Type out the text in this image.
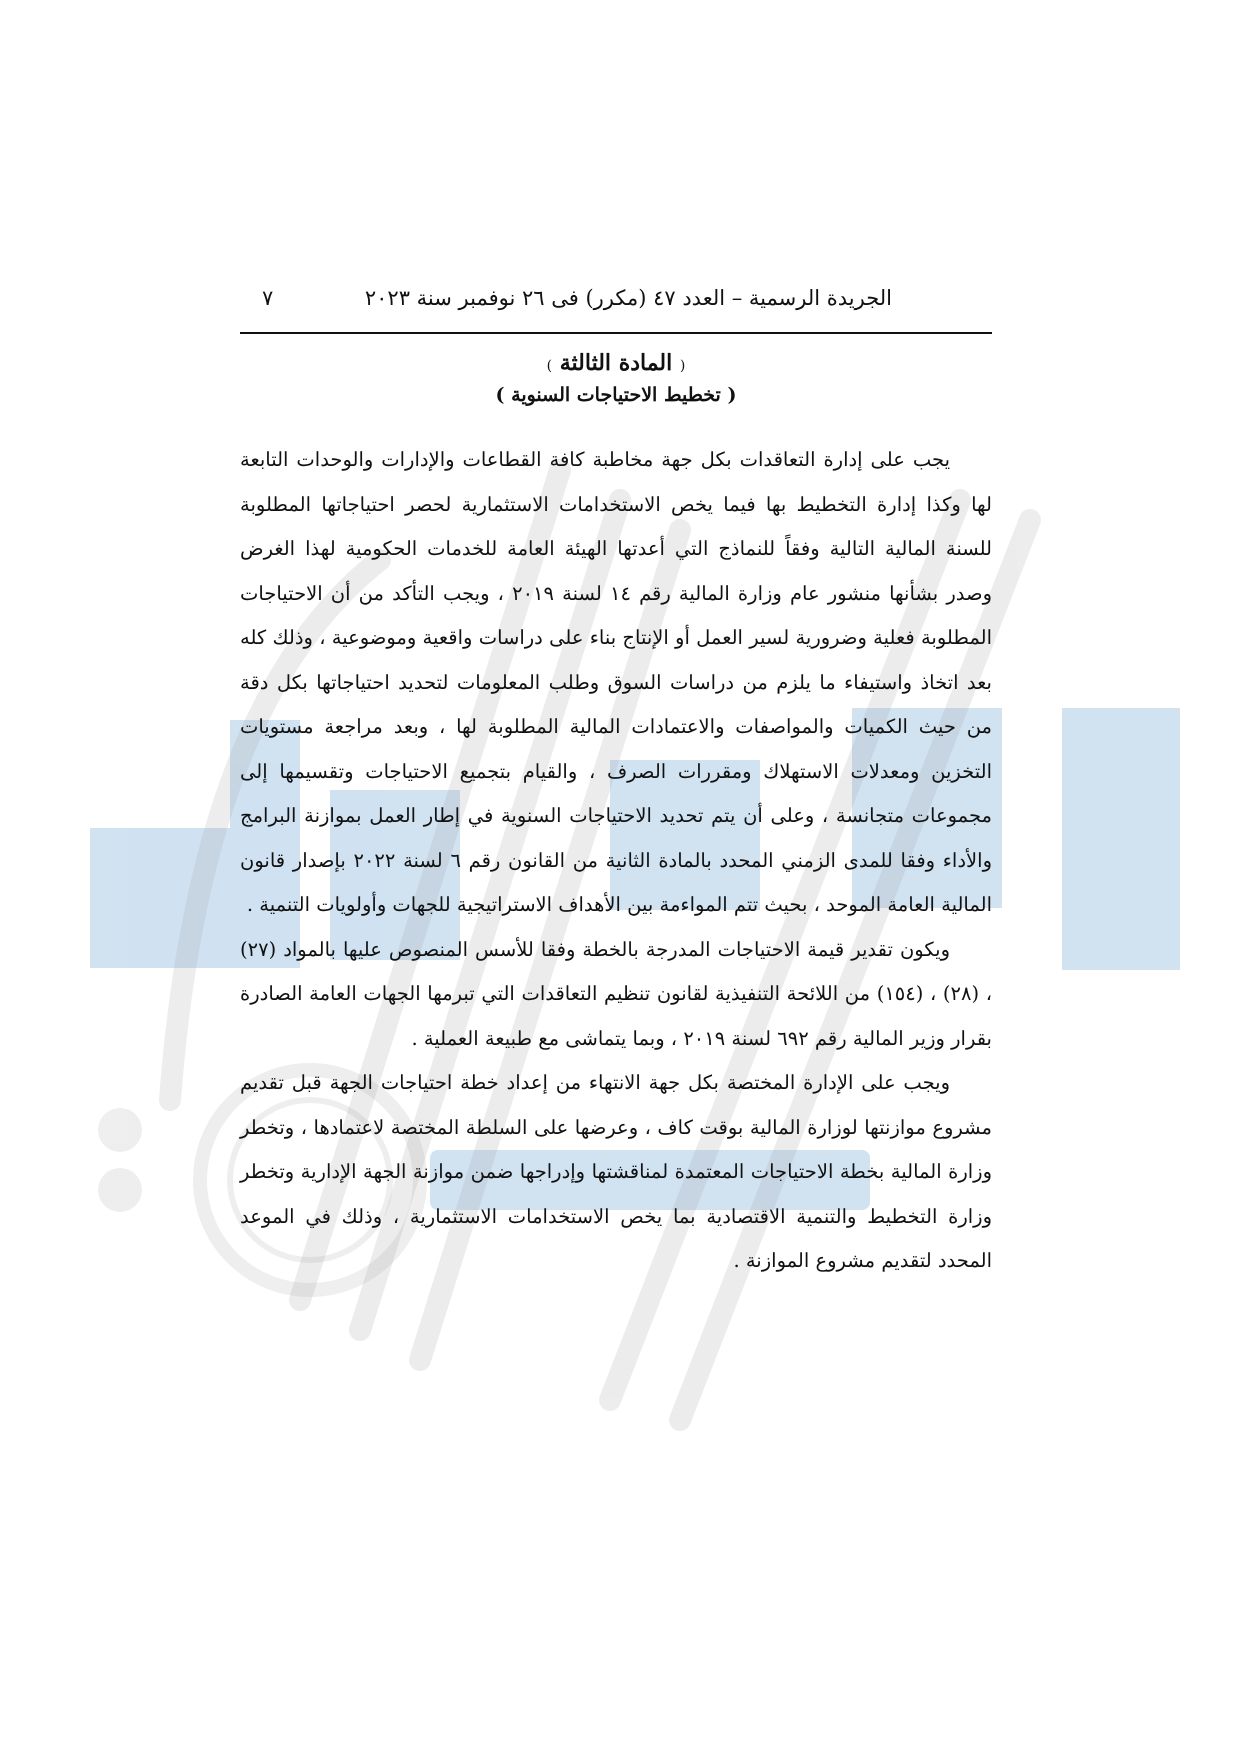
الجريدة الرسمية – العدد ٤٧ (مكرر) فى ٢٦ نوفمبر سنة ٢٠٢٣
٧
( المادة الثالثة )
( تخطيط الاحتياجات السنوية )

يجب على إدارة التعاقدات بكل جهة مخاطبة كافة القطاعات والإدارات والوحدات التابعة لها وكذا إدارة التخطيط بها فيما يخص الاستخدامات الاستثمارية لحصر احتياجاتها المطلوبة للسنة المالية التالية وفقاً للنماذج التي أعدتها الهيئة العامة للخدمات الحكومية لهذا الغرض وصدر بشأنها منشور عام وزارة المالية رقم ١٤ لسنة ٢٠١٩ ، ويجب التأكد من أن الاحتياجات المطلوبة فعلية وضرورية لسير العمل أو الإنتاج بناء على دراسات واقعية وموضوعية ، وذلك كله بعد اتخاذ واستيفاء ما يلزم من دراسات السوق وطلب المعلومات لتحديد احتياجاتها بكل دقة من حيث الكميات والمواصفات والاعتمادات المالية المطلوبة لها ، وبعد مراجعة مستويات التخزين ومعدلات الاستهلاك ومقررات الصرف ، والقيام بتجميع الاحتياجات وتقسيمها إلى مجموعات متجانسة ، وعلى أن يتم تحديد الاحتياجات السنوية في إطار العمل بموازنة البرامج والأداء وفقا للمدى الزمني المحدد بالمادة الثانية من القانون رقم ٦ لسنة ٢٠٢٢ بإصدار قانون المالية العامة الموحد ، بحيث تتم المواءمة بين الأهداف الاستراتيجية للجهات وأولويات التنمية .

ويكون تقدير قيمة الاحتياجات المدرجة بالخطة وفقا للأسس المنصوص عليها بالمواد (٢٧) ، (٢٨) ، (١٥٤) من اللائحة التنفيذية لقانون تنظيم التعاقدات التي تبرمها الجهات العامة الصادرة بقرار وزير المالية رقم ٦٩٢ لسنة ٢٠١٩ ، وبما يتماشى مع طبيعة العملية .

ويجب على الإدارة المختصة بكل جهة الانتهاء من إعداد خطة احتياجات الجهة قبل تقديم مشروع موازنتها لوزارة المالية بوقت كاف ، وعرضها على السلطة المختصة لاعتمادها ، وتخطر وزارة المالية بخطة الاحتياجات المعتمدة لمناقشتها وإدراجها ضمن موازنة الجهة الإدارية وتخطر وزارة التخطيط والتنمية الاقتصادية بما يخص الاستخدامات الاستثمارية ، وذلك في الموعد المحدد لتقديم مشروع الموازنة .
